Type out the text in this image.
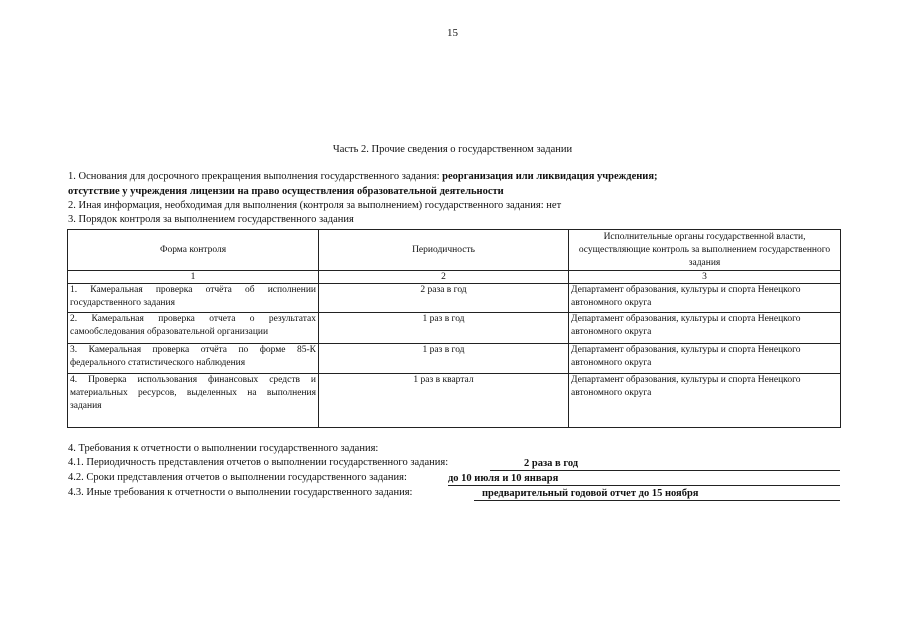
15
Часть 2. Прочие сведения о государственном задании
1. Основания для досрочного прекращения выполнения государственного задания: реорганизация или ликвидация учреждения;
отсутствие у учреждения лицензии на право осуществления образовательной деятельности
2. Иная информация, необходимая для выполнения (контроля за выполнением) государственного задания: нет
3. Порядок контроля за выполнением государственного задания
Форма контроля	Периодичность	Исполнительные органы государственной власти, осуществляющие контроль за выполнением государственного задания
1	2	3
1. Камеральная проверка отчёта об исполнении государственного задания	2 раза в год	Департамент образования, культуры и спорта Ненецкого автономного округа
2. Камеральная проверка отчета о результатах самообследования образовательной организации	1 раз в год	Департамент образования, культуры и спорта Ненецкого автономного округа
3. Камеральная проверка отчёта по форме 85-К федерального статистического наблюдения	1 раз в год	Департамент образования, культуры и спорта Ненецкого автономного округа
4. Проверка использования финансовых средств и материальных ресурсов, выделенных на выполнения задания	1 раз в квартал	Департамент образования, культуры и спорта Ненецкого автономного округа
4. Требования к отчетности о выполнении государственного задания:
4.1. Периодичность представления отчетов о выполнении государственного задания:	2 раза в год
4.2. Сроки представления отчетов о выполнении государственного задания:	до 10 июля и 10 января
4.3. Иные требования к отчетности о выполнении государственного задания:	предварительный годовой отчет до 15 ноября
